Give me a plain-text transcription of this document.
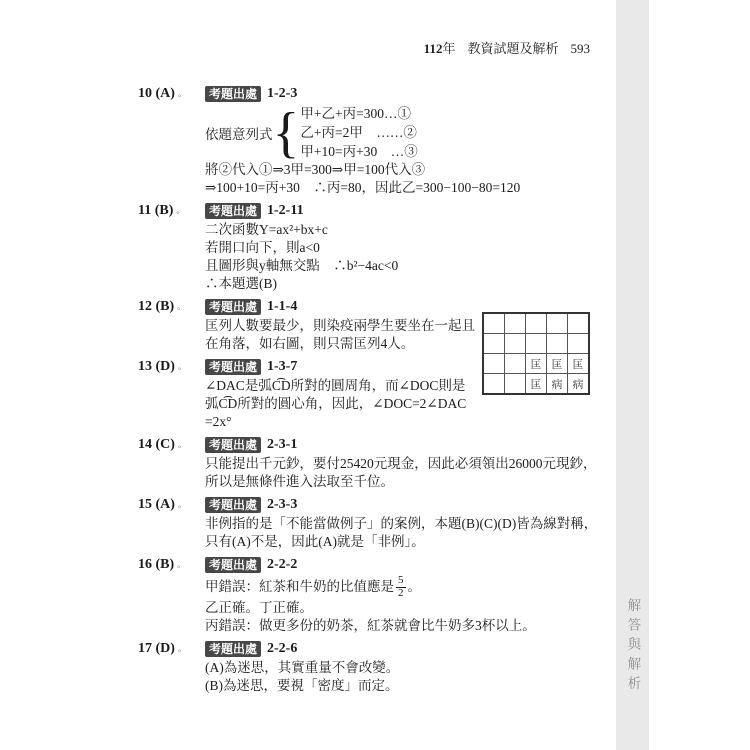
112年 教資試題及解析 593
解答與解析

		匡	匡	匡
		匡	病	病
10 (A) 。	考題出處 1-2-3
依題意列式 { 甲+乙+丙=300…①
乙+丙=2甲　……②
甲+10=丙+30　…③
將②代入①⇒3甲=300⇒甲=100代入③
⇒100+10=丙+30　∴丙=80，因此乙=300−100−80=120
11 (B) 。	考題出處 1-2-11
二次函數Y=ax²+bx+c
若開口向下，則a<0
且圖形與y軸無交點　∴b²−4ac<0
∴本題選(B)
12 (B) 。	考題出處 1-1-4
匡列人數要最少，則染疫兩學生要坐在一起且
在角落，如右圖，則只需匡列4人。
13 (D) 。	考題出處 1-3-7
∠DAC是弧C͡D所對的圓周角，而∠DOC則是
弧C͡D所對的圓心角，因此，∠DOC=2∠DAC
=2x°
14 (C) 。	考題出處 2-3-1
只能提出千元鈔，要付25420元現金，因此必須領出26000元現鈔，
所以是無條件進入法取至千位。
15 (A) 。	考題出處 2-3-3
非例指的是「不能當做例子」的案例，本題(B)(C)(D)皆為線對稱，
只有(A)不是，因此(A)就是「非例」。
16 (B) 。	考題出處 2-2-2
甲錯誤：紅茶和牛奶的比值應是 $\frac{5}{2}$ 。
乙正確。丁正確。
丙錯誤：做更多份的奶茶，紅茶就會比牛奶多3杯以上。
17 (D) 。	考題出處 2-2-6
(A)為迷思，其實重量不會改變。
(B)為迷思，要視「密度」而定。
